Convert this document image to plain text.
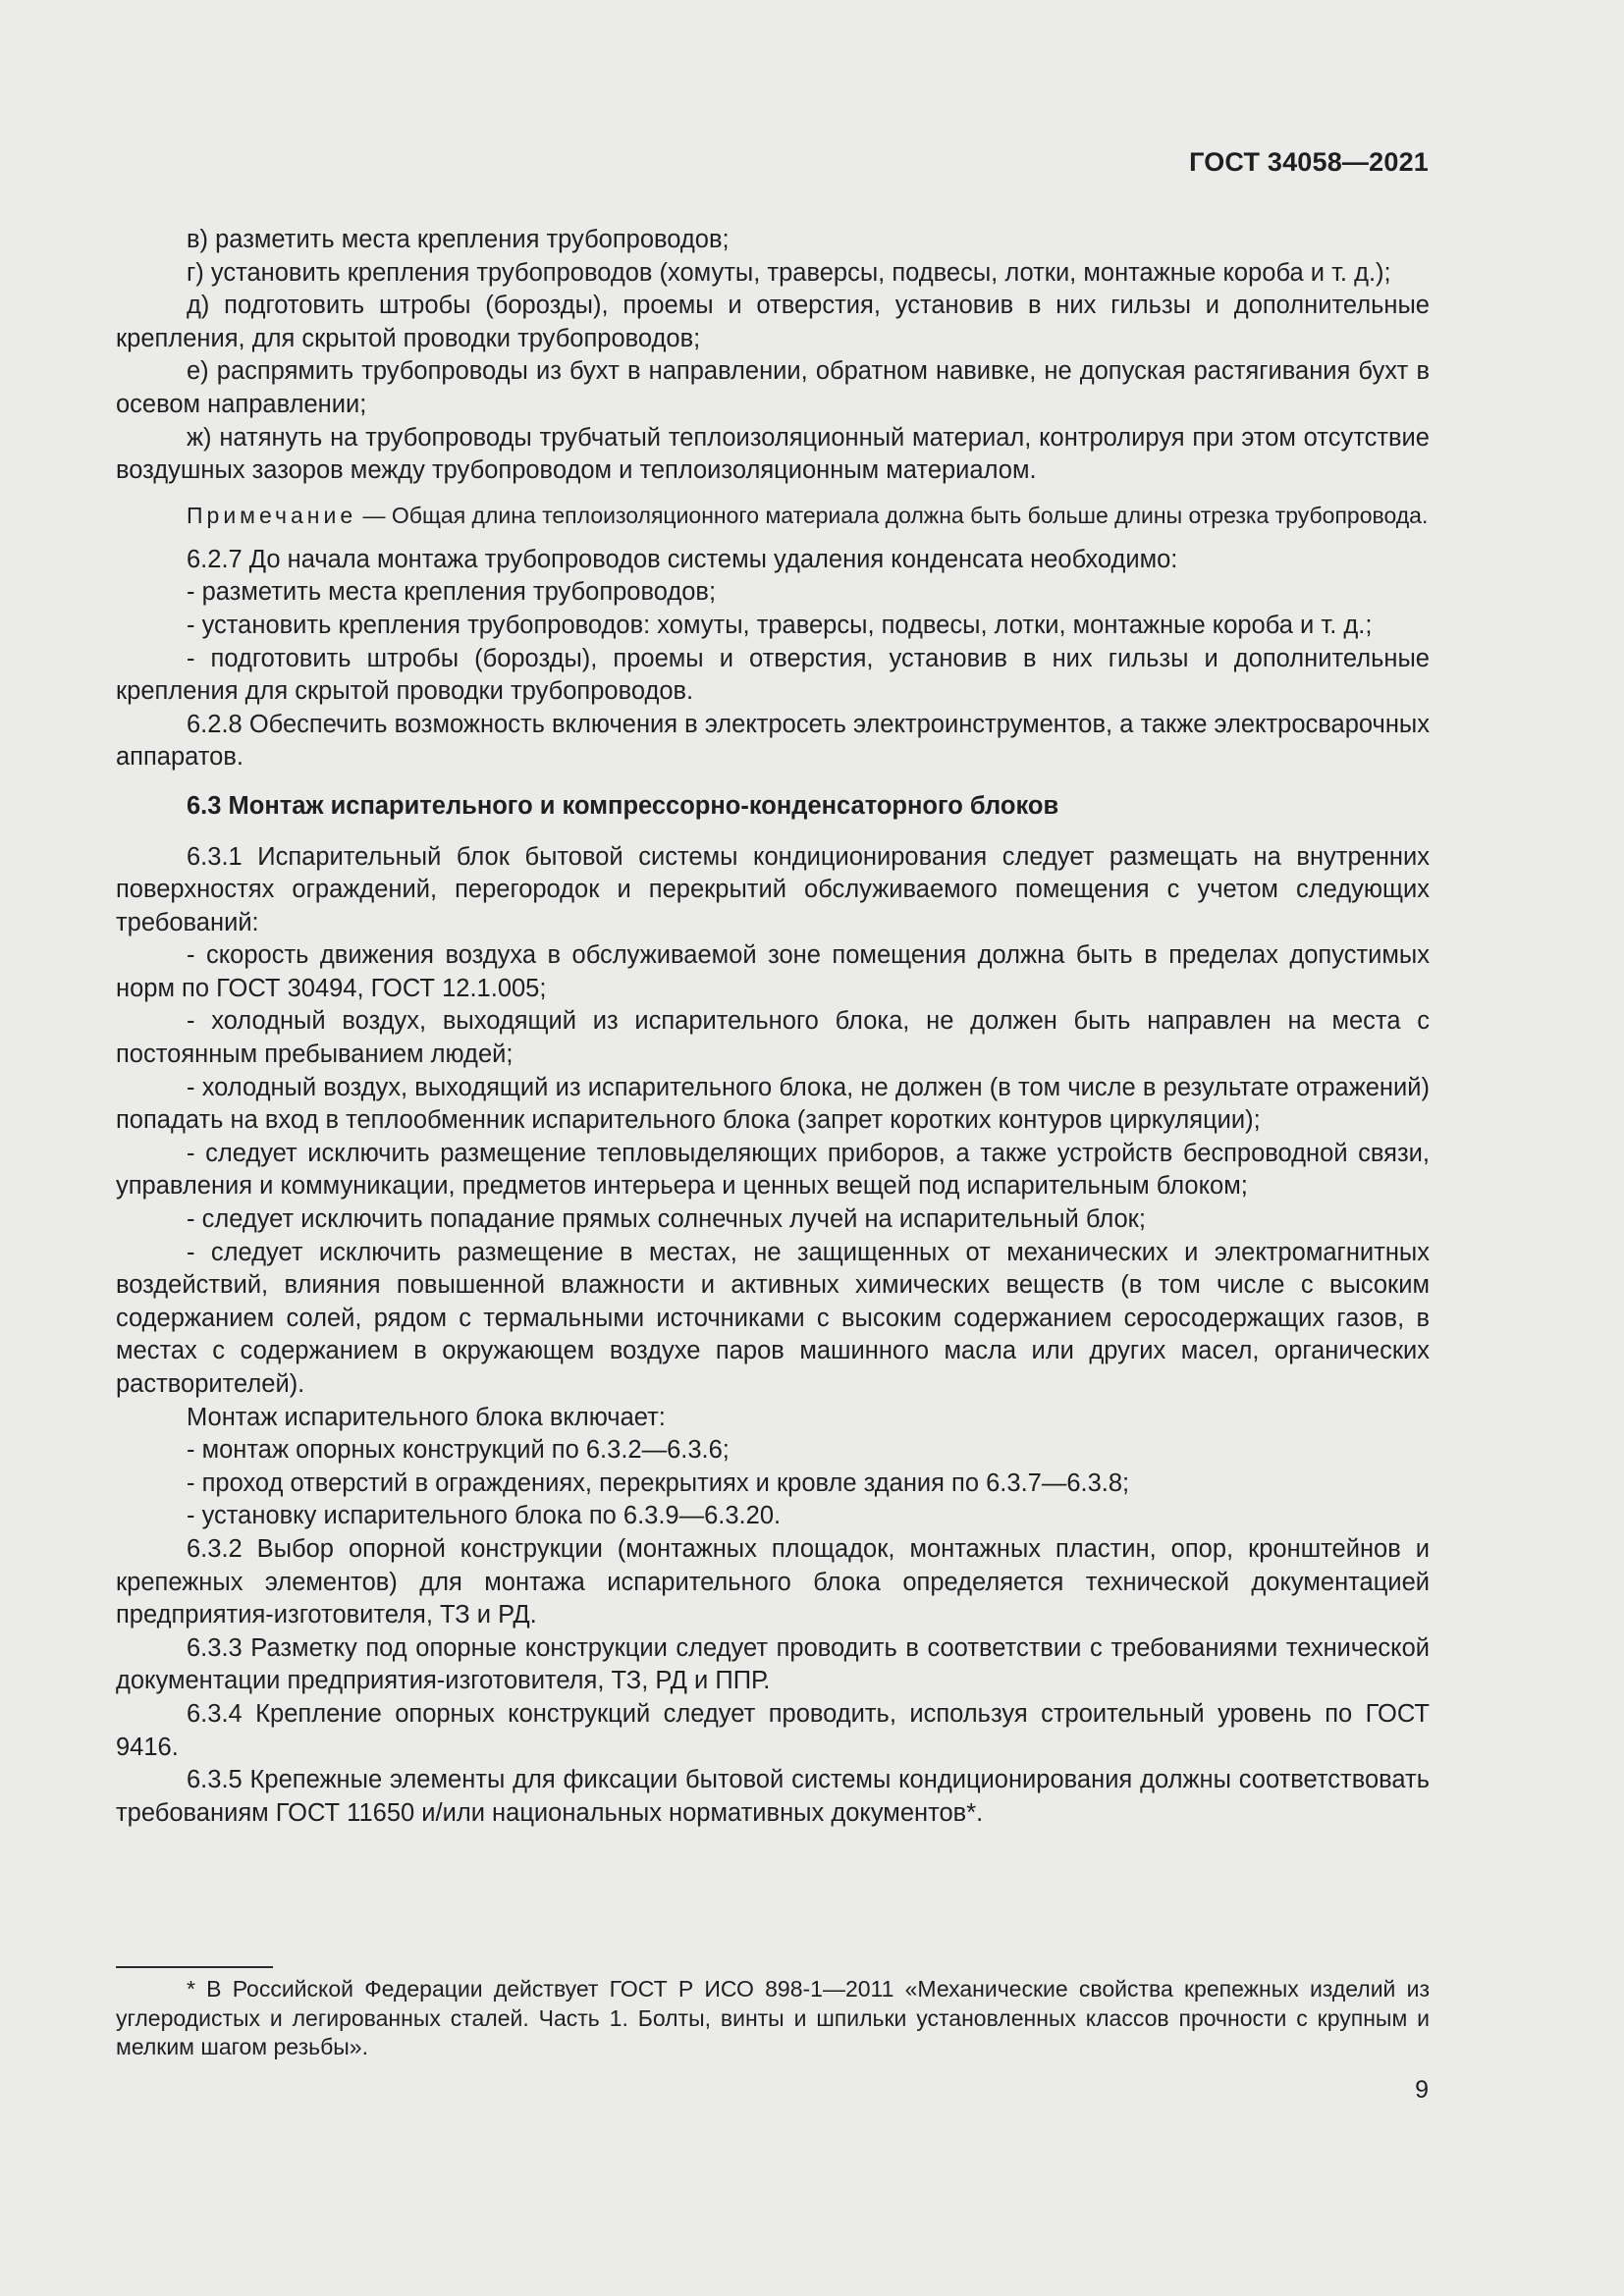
ГОСТ 34058—2021

в) разметить места крепления трубопроводов;

г) установить крепления трубопроводов (хомуты, траверсы, подвесы, лотки, монтажные короба и т. д.);

д) подготовить штробы (борозды), проемы и отверстия, установив в них гильзы и дополнительные крепления, для скрытой проводки трубопроводов;

е) распрямить трубопроводы из бухт в направлении, обратном навивке, не допуская растягивания бухт в осевом направлении;

ж) натянуть на трубопроводы трубчатый теплоизоляционный материал, контролируя при этом отсутствие воздушных зазоров между трубопроводом и теплоизоляционным материалом.

Примечание — Общая длина теплоизоляционного материала должна быть больше длины отрезка трубопровода.

6.2.7 До начала монтажа трубопроводов системы удаления конденсата необходимо:

- разметить места крепления трубопроводов;

- установить крепления трубопроводов: хомуты, траверсы, подвесы, лотки, монтажные короба и т. д.;

- подготовить штробы (борозды), проемы и отверстия, установив в них гильзы и дополнительные крепления для скрытой проводки трубопроводов.

6.2.8 Обеспечить возможность включения в электросеть электроинструментов, а также электросварочных аппаратов.

6.3 Монтаж испарительного и компрессорно-конденсаторного блоков

6.3.1 Испарительный блок бытовой системы кондиционирования следует размещать на внутренних поверхностях ограждений, перегородок и перекрытий обслуживаемого помещения с учетом следующих требований:

- скорость движения воздуха в обслуживаемой зоне помещения должна быть в пределах допустимых норм по ГОСТ 30494, ГОСТ 12.1.005;

- холодный воздух, выходящий из испарительного блока, не должен быть направлен на места с постоянным пребыванием людей;

- холодный воздух, выходящий из испарительного блока, не должен (в том числе в результате отражений) попадать на вход в теплообменник испарительного блока (запрет коротких контуров циркуляции);

- следует исключить размещение тепловыделяющих приборов, а также устройств беспроводной связи, управления и коммуникации, предметов интерьера и ценных вещей под испарительным блоком;

- следует исключить попадание прямых солнечных лучей на испарительный блок;

- следует исключить размещение в местах, не защищенных от механических и электромагнитных воздействий, влияния повышенной влажности и активных химических веществ (в том числе с высоким содержанием солей, рядом с термальными источниками с высоким содержанием серосодержащих газов, в местах с содержанием в окружающем воздухе паров машинного масла или других масел, органических растворителей).

Монтаж испарительного блока включает:

- монтаж опорных конструкций по 6.3.2—6.3.6;

- проход отверстий в ограждениях, перекрытиях и кровле здания по 6.3.7—6.3.8;

- установку испарительного блока по 6.3.9—6.3.20.

6.3.2 Выбор опорной конструкции (монтажных площадок, монтажных пластин, опор, кронштейнов и крепежных элементов) для монтажа испарительного блока определяется технической документацией предприятия-изготовителя, ТЗ и РД.

6.3.3 Разметку под опорные конструкции следует проводить в соответствии с требованиями технической документации предприятия-изготовителя, ТЗ, РД и ППР.

6.3.4 Крепление опорных конструкций следует проводить, используя строительный уровень по ГОСТ 9416.

6.3.5 Крепежные элементы для фиксации бытовой системы кондиционирования должны соответствовать требованиям ГОСТ 11650 и/или национальных нормативных документов*.

* В Российской Федерации действует ГОСТ Р ИСО 898-1—2011 «Механические свойства крепежных изделий из углеродистых и легированных сталей. Часть 1. Болты, винты и шпильки установленных классов прочности с крупным и мелким шагом резьбы».

9
